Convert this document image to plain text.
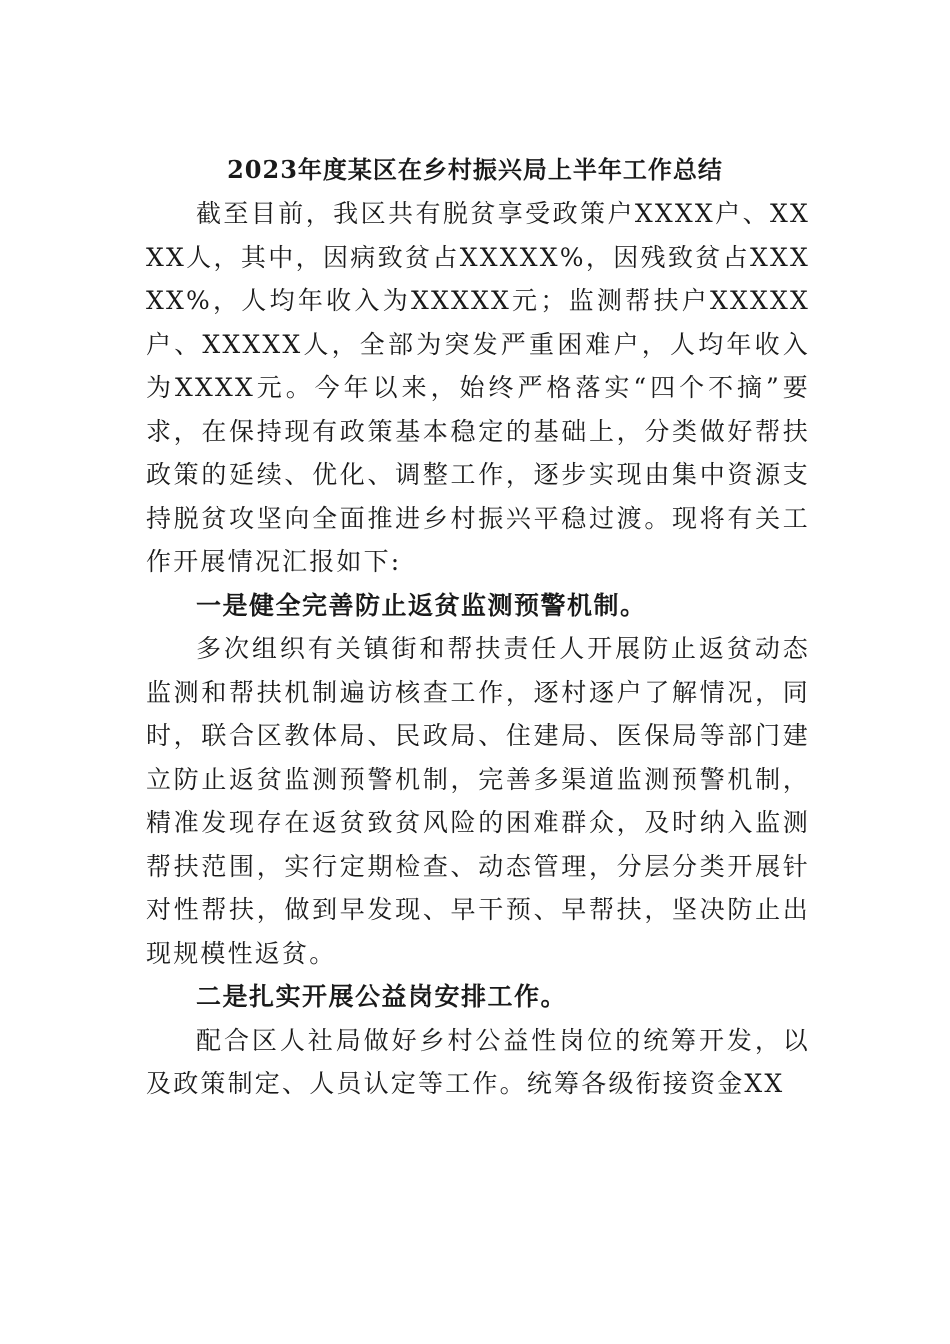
2023年度某区在乡村振兴局上半年工作总结

截至目前，我区共有脱贫享受政策户XXXX户、XXXX人，其中，因病致贫占XXXXX%，因残致贫占XXXXX%，人均年收入为XXXXX元；监测帮扶户XXXXX户、XXXXX人，全部为突发严重困难户，人均年收入为XXXX元。今年以来，始终严格落实“四个不摘”要求，在保持现有政策基本稳定的基础上，分类做好帮扶政策的延续、优化、调整工作，逐步实现由集中资源支持脱贫攻坚向全面推进乡村振兴平稳过渡。现将有关工作开展情况汇报如下:

一是健全完善防止返贫监测预警机制。

多次组织有关镇街和帮扶责任人开展防止返贫动态监测和帮扶机制遍访核查工作，逐村逐户了解情况，同时，联合区教体局、民政局、住建局、医保局等部门建立防止返贫监测预警机制，完善多渠道监测预警机制，精准发现存在返贫致贫风险的困难群众，及时纳入监测帮扶范围，实行定期检查、动态管理，分层分类开展针对性帮扶，做到早发现、早干预、早帮扶，坚决防止出现规模性返贫。

二是扎实开展公益岗安排工作。

配合区人社局做好乡村公益性岗位的统筹开发，以及政策制定、人员认定等工作。统筹各级衔接资金XX
